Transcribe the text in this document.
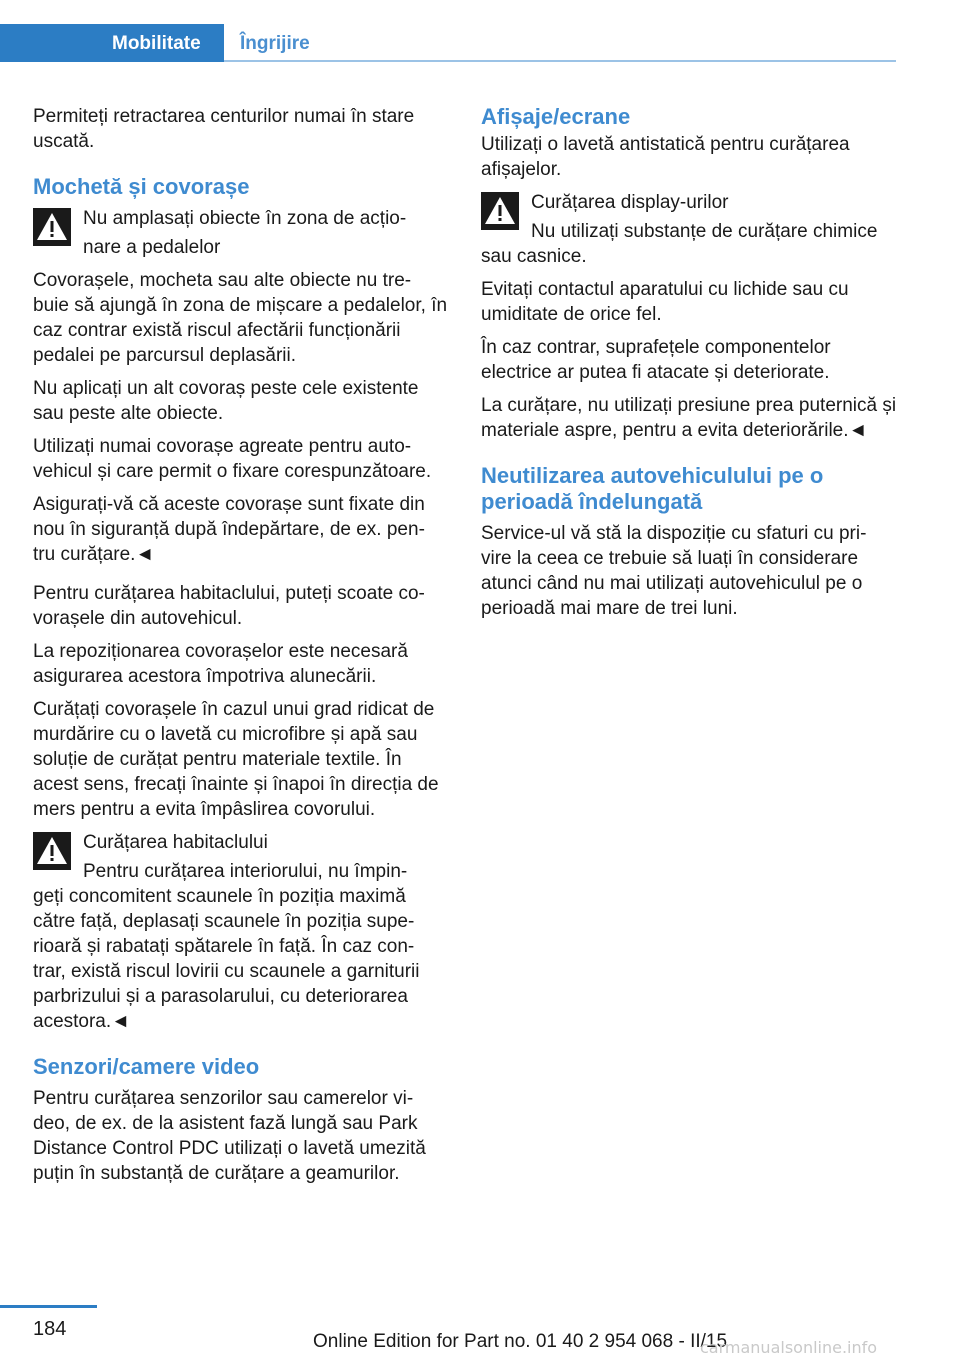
Mobilitate Îngrijire

Permiteți retractarea centurilor numai în stare uscată.

Mochetă și covorașe

Nu amplasați obiecte în zona de acțio-

nare a pedalelor

Covorașele, mocheta sau alte obiecte nu tre- buie să ajungă în zona de mișcare a pedalelor, în caz contrar există riscul afectării funcționării pedalei pe parcursul deplasării.

Nu aplicați un alt covoraș peste cele existente sau peste alte obiecte.

Utilizați numai covorașe agreate pentru auto- vehicul și care permit o fixare corespunzătoare.

Asigurați-vă că aceste covorașe sunt fixate din nou în siguranță după îndepărtare, de ex. pen- tru curățare.◄

Pentru curățarea habitaclului, puteți scoate co- vorașele din autovehicul.

La repoziționarea covorașelor este necesară asigurarea acestora împotriva alunecării.

Curățați covorașele în cazul unui grad ridicat de murdărire cu o lavetă cu microfibre și apă sau soluție de curățat pentru materiale textile. În acest sens, frecați înainte și înapoi în direcția de mers pentru a evita împâslirea covorului.

Curățarea habitaclului

Pentru curățarea interiorului, nu împin-

geți concomitent scaunele în poziția maximă către față, deplasați scaunele în poziția supe- rioară și rabatați spătarele în față. În caz con- trar, există riscul lovirii cu scaunele a garniturii parbrizului și a parasolarului, cu deteriorarea acestora.◄

Senzori/camere video

Pentru curățarea senzorilor sau camerelor vi- deo, de ex. de la asistent fază lungă sau Park Distance Control PDC utilizați o lavetă umezită puțin în substanță de curățare a geamurilor.

Afișaje/ecrane

Utilizați o lavetă antistatică pentru curățarea afișajelor.

Curățarea display-urilor

Nu utilizați substanțe de curățare chimice

sau casnice.

Evitați contactul aparatului cu lichide sau cu umiditate de orice fel.

În caz contrar, suprafețele componentelor electrice ar putea fi atacate și deteriorate.

La curățare, nu utilizați presiune prea puternică și materiale aspre, pentru a evita deteriorările.◄

Neutilizarea autovehiculului pe o perioadă îndelungată

Service-ul vă stă la dispoziție cu sfaturi cu pri- vire la ceea ce trebuie să luați în considerare atunci când nu mai utilizați autovehiculul pe o perioadă mai mare de trei luni.

184
Online Edition for Part no. 01 40 2 954 068 - II/15
carmanualsonline.info
